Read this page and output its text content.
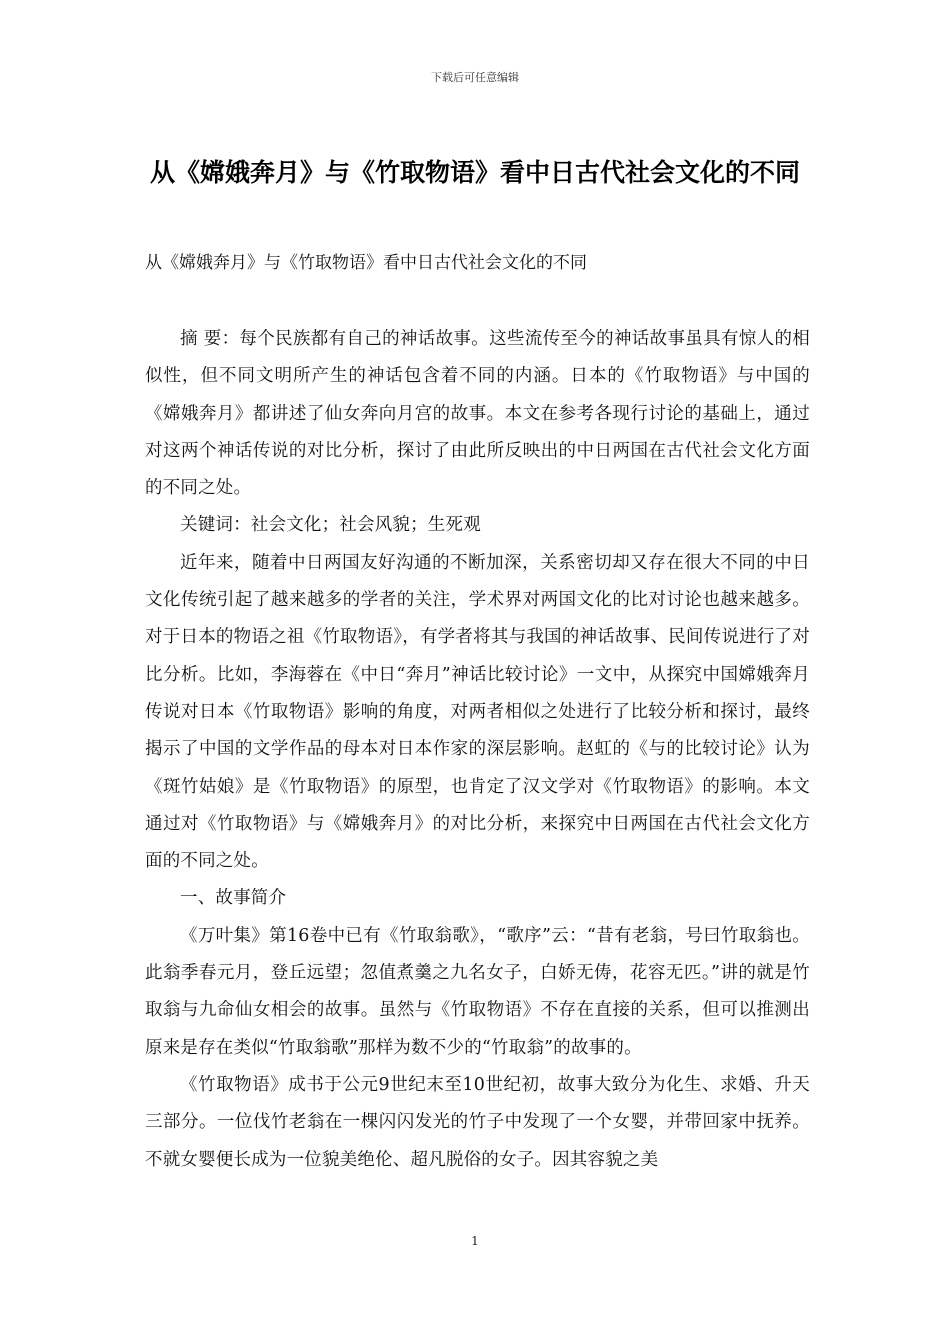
下载后可任意编辑
从《嫦娥奔月》与《竹取物语》看中日古代社会文化的不同

从《嫦娥奔月》与《竹取物语》看中日古代社会文化的不同

摘 要：每个民族都有自己的神话故事。这些流传至今的神话故事虽具有惊人的相似性，但不同文明所产生的神话包含着不同的内涵。日本的《竹取物语》与中国的《嫦娥奔月》都讲述了仙女奔向月宫的故事。本文在参考各现行讨论的基础上，通过对这两个神话传说的对比分析，探讨了由此所反映出的中日两国在古代社会文化方面的不同之处。

关键词：社会文化；社会风貌；生死观

近年来，随着中日两国友好沟通的不断加深，关系密切却又存在很大不同的中日文化传统引起了越来越多的学者的关注，学术界对两国文化的比对讨论也越来越多。对于日本的物语之祖《竹取物语》，有学者将其与我国的神话故事、民间传说进行了对比分析。比如，李海蓉在《中日“奔月”神话比较讨论》一文中，从探究中国嫦娥奔月传说对日本《竹取物语》影响的角度，对两者相似之处进行了比较分析和探讨，最终揭示了中国的文学作品的母本对日本作家的深层影响。赵虹的《与的比较讨论》认为《斑竹姑娘》是《竹取物语》的原型，也肯定了汉文学对《竹取物语》的影响。本文通过对《竹取物语》与《嫦娥奔月》的对比分析，来探究中日两国在古代社会文化方面的不同之处。

一、故事简介

《万叶集》第16卷中已有《竹取翁歌》，“歌序”云：“昔有老翁，号曰竹取翁也。此翁季春元月，登丘远望；忽值煮羹之九名女子，白娇无俦，花容无匹。”讲的就是竹取翁与九命仙女相会的故事。虽然与《竹取物语》不存在直接的关系，但可以推测出原来是存在类似“竹取翁歌”那样为数不少的“竹取翁”的故事的。

《竹取物语》成书于公元9世纪末至10世纪初，故事大致分为化生、求婚、升天三部分。一位伐竹老翁在一棵闪闪发光的竹子中发现了一个女婴，并带回家中抚养。不就女婴便长成为一位貌美绝伦、超凡脱俗的女子。因其容貌之美

1
